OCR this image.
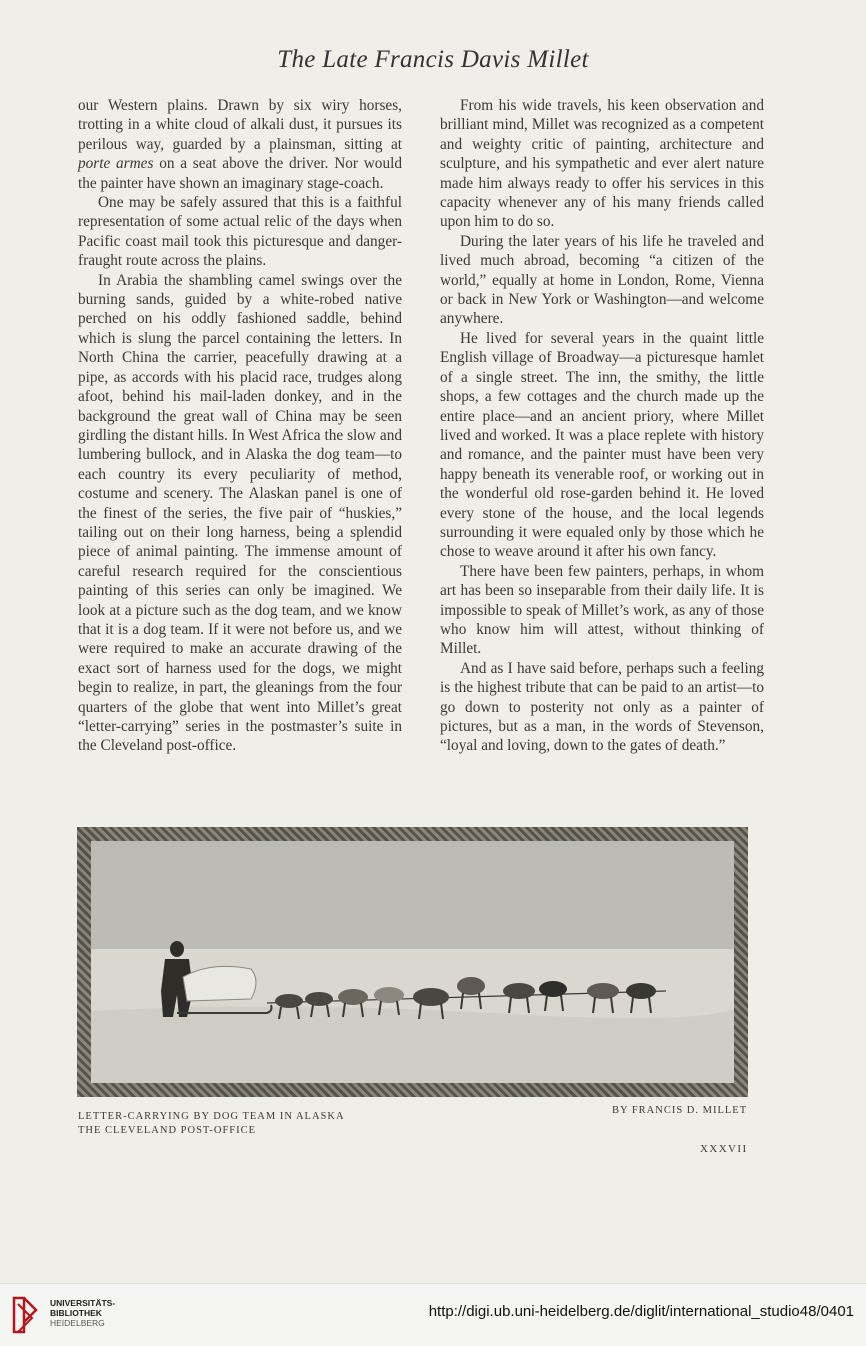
The Late Francis Davis Millet

our Western plains. Drawn by six wiry horses, trotting in a white cloud of alkali dust, it pursues its perilous way, guarded by a plainsman, sitting at porte armes on a seat above the driver. Nor would the painter have shown an imaginary stage-coach.

One may be safely assured that this is a faithful representation of some actual relic of the days when Pacific coast mail took this picturesque and danger-fraught route across the plains.

In Arabia the shambling camel swings over the burning sands, guided by a white-robed native perched on his oddly fashioned saddle, behind which is slung the parcel containing the letters. In North China the carrier, peacefully drawing at a pipe, as accords with his placid race, trudges along afoot, behind his mail-laden donkey, and in the background the great wall of China may be seen girdling the distant hills. In West Africa the slow and lumbering bullock, and in Alaska the dog team—to each country its every peculiarity of method, costume and scenery. The Alaskan panel is one of the finest of the series, the five pair of “huskies,” tailing out on their long harness, being a splendid piece of animal painting. The immense amount of careful research required for the conscientious painting of this series can only be imagined. We look at a picture such as the dog team, and we know that it is a dog team. If it were not before us, and we were required to make an accurate drawing of the exact sort of harness used for the dogs, we might begin to realize, in part, the gleanings from the four quarters of the globe that went into Millet’s great “letter-carrying” series in the postmaster’s suite in the Cleveland post-office.

From his wide travels, his keen observation and brilliant mind, Millet was recognized as a competent and weighty critic of painting, architecture and sculpture, and his sympathetic and ever alert nature made him always ready to offer his services in this capacity whenever any of his many friends called upon him to do so.

During the later years of his life he traveled and lived much abroad, becoming “a citizen of the world,” equally at home in London, Rome, Vienna or back in New York or Washington—and welcome anywhere.

He lived for several years in the quaint little English village of Broadway—a picturesque hamlet of a single street. The inn, the smithy, the little shops, a few cottages and the church made up the entire place—and an ancient priory, where Millet lived and worked. It was a place replete with history and romance, and the painter must have been very happy beneath its venerable roof, or working out in the wonderful old rose-garden behind it. He loved every stone of the house, and the local legends surrounding it were equaled only by those which he chose to weave around it after his own fancy.

There have been few painters, perhaps, in whom art has been so inseparable from their daily life. It is impossible to speak of Millet’s work, as any of those who know him will attest, without thinking of Millet.

And as I have said before, perhaps such a feeling is the highest tribute that can be paid to an artist—to go down to posterity not only as a painter of pictures, but as a man, in the words of Stevenson, “loyal and loving, down to the gates of death.”

LETTER-CARRYING BY DOG TEAM IN ALASKA
THE CLEVELAND POST-OFFICE
BY FRANCIS D. MILLET
XXXVII
UNIVERSITÄTS-
BIBLIOTHEK
HEIDELBERG
http://digi.ub.uni-heidelberg.de/diglit/international_studio48/0401
